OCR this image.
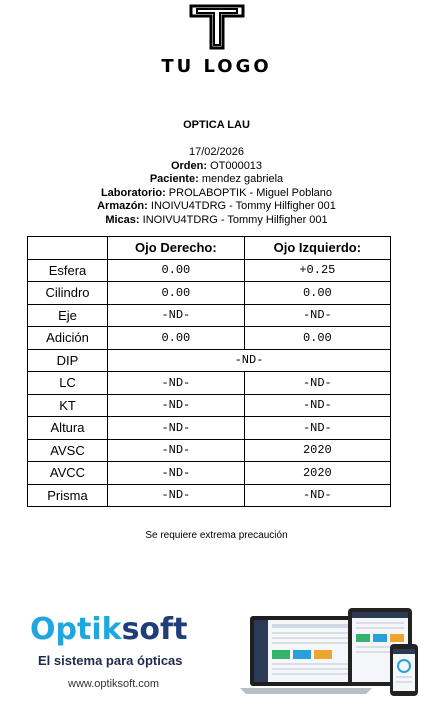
TU LOGO
OPTICA LAU
17/02/2026
Orden: OT000013
Paciente: mendez gabriela
Laboratorio: PROLABOPTIK - Miguel Poblano
Armazón: INOIVU4TDRG - Tommy Hilfigher 001
Micas: INOIVU4TDRG - Tommy Hilfigher 001
	Ojo Derecho:	Ojo Izquierdo:
Esfera	0.00	+0.25
Cilindro	0.00	0.00
Eje	-ND-	-ND-
Adición	0.00	0.00
DIP	-ND-	
LC	-ND-	-ND-
KT	-ND-	-ND-
Altura	-ND-	-ND-
AVSC	-ND-	2020
AVCC	-ND-	2020
Prisma	-ND-	-ND-
Se requiere extrema precaución
Optiksoft
El sistema para ópticas
www.optiksoft.com
